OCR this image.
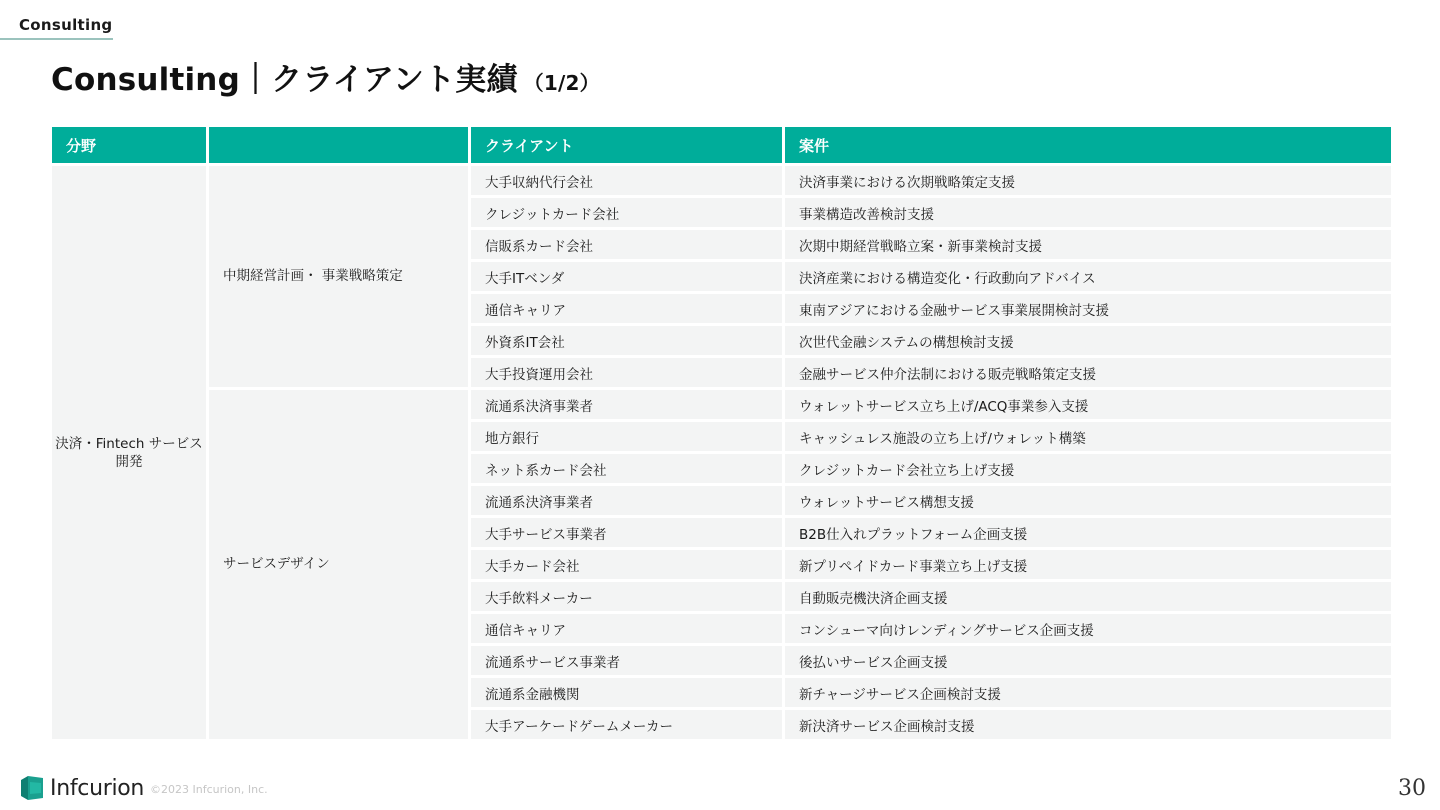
Consulting
Consulting｜クライアント実績 （1/2）
分野		クライアント	案件
決済・Fintech サービス開発	中期経営計画・ 事業戦略策定	大手収納代行会社	決済事業における次期戦略策定支援
		クレジットカード会社	事業構造改善検討支援
		信販系カード会社	次期中期経営戦略立案・新事業検討支援
		大手ITベンダ	決済産業における構造変化・行政動向アドバイス
		通信キャリア	東南アジアにおける金融サービス事業展開検討支援
		外資系IT会社	次世代金融システムの構想検討支援
		大手投資運用会社	金融サービス仲介法制における販売戦略策定支援
	サービスデザイン	流通系決済事業者	ウォレットサービス立ち上げ/ACQ事業参入支援
		地方銀行	キャッシュレス施設の立ち上げ/ウォレット構築
		ネット系カード会社	クレジットカード会社立ち上げ支援
		流通系決済事業者	ウォレットサービス構想支援
		大手サービス事業者	B2B仕入れプラットフォーム企画支援
		大手カード会社	新プリペイドカード事業立ち上げ支援
		大手飲料メーカー	自動販売機決済企画支援
		通信キャリア	コンシューマ向けレンディングサービス企画支援
		流通系サービス事業者	後払いサービス企画支援
		流通系金融機関	新チャージサービス企画検討支援
		大手アーケードゲームメーカー	新決済サービス企画検討支援
Infcurion ©2023 Infcurion, Inc.	30
